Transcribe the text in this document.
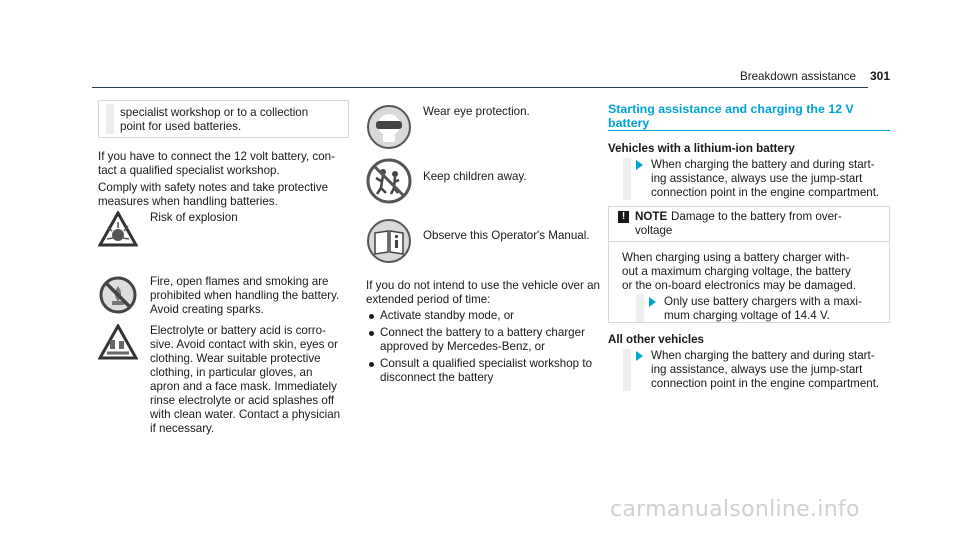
Breakdown assistance 301
specialist workshop or to a collection
point for used batteries.
If you have to connect the 12 volt battery, con-
tact a qualified specialist workshop.
Comply with safety notes and take protective
measures when handling batteries.
Risk of explosion
Fire, open flames and smoking are
prohibited when handling the battery.
Avoid creating sparks.
Electrolyte or battery acid is corro-
sive. Avoid contact with skin, eyes or
clothing. Wear suitable protective
clothing, in particular gloves, an
apron and a face mask. Immediately
rinse electrolyte or acid splashes off
with clean water. Contact a physician
if necessary.
Wear eye protection.
Keep children away.
Observe this Operator's Manual.
If you do not intend to use the vehicle over an
extended period of time:
Activate standby mode, or
Connect the battery to a battery charger
approved by Mercedes-Benz, or
Consult a qualified specialist workshop to
disconnect the battery
Starting assistance and charging the 12 V
battery
Vehicles with a lithium-ion battery
When charging the battery and during start-
ing assistance, always use the jump-start
connection point in the engine compartment.
! NOTE Damage to the battery from over-
voltage
When charging using a battery charger with-
out a maximum charging voltage, the battery
or the on-board electronics may be damaged.
Only use battery chargers with a maxi-
mum charging voltage of 14.4 V.
All other vehicles
When charging the battery and during start-
ing assistance, always use the jump-start
connection point in the engine compartment.
carmanualsonline.info
